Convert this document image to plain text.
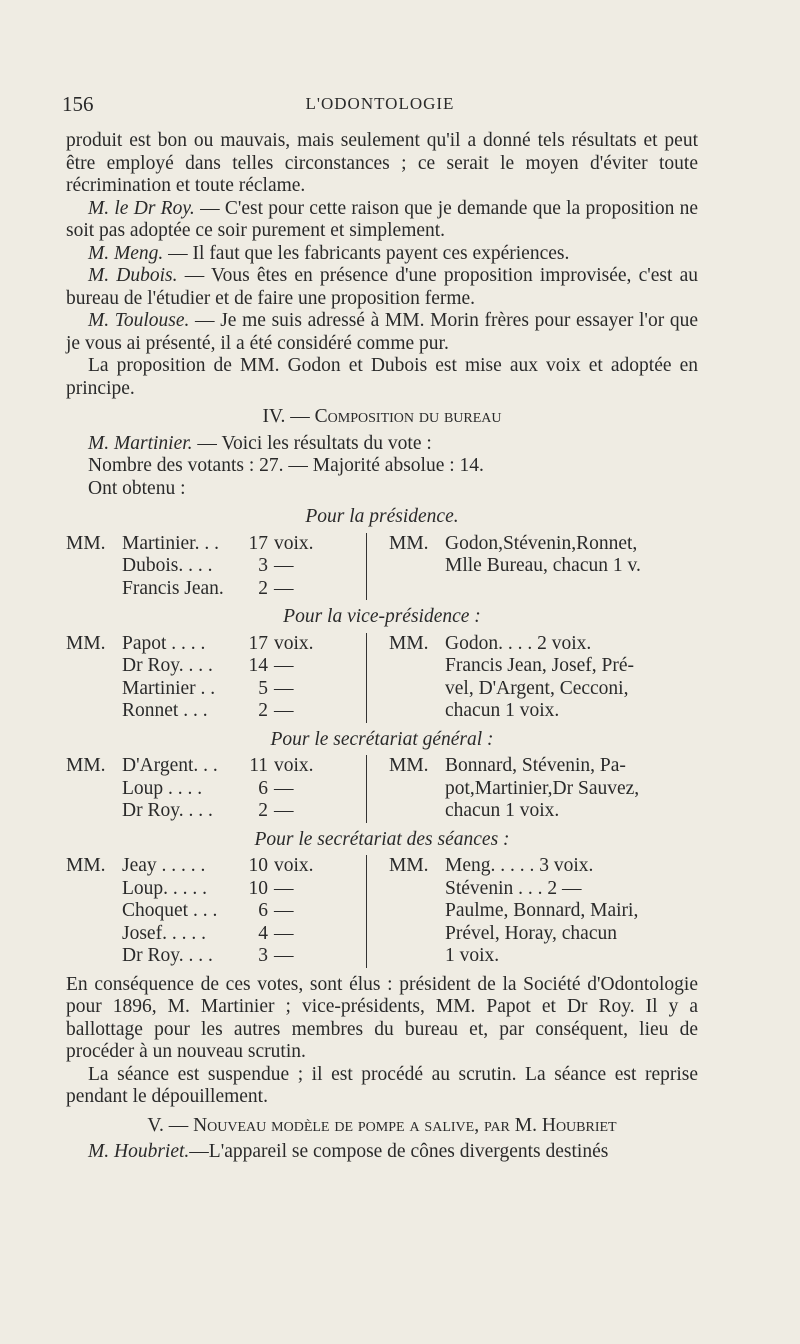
156	L'ODONTOLOGIE

produit est bon ou mauvais, mais seulement qu'il a donné tels résultats et peut être employé dans telles circonstances ; ce serait le moyen d'éviter toute récrimination et toute réclame.

M. le Dr Roy. — C'est pour cette raison que je demande que la proposition ne soit pas adoptée ce soir purement et simplement.

M. Meng. — Il faut que les fabricants payent ces expériences.

M. Dubois. — Vous êtes en présence d'une proposition improvisée, c'est au bureau de l'étudier et de faire une proposition ferme.

M. Toulouse. — Je me suis adressé à MM. Morin frères pour essayer l'or que je vous ai présenté, il a été considéré comme pur.

La proposition de MM. Godon et Dubois est mise aux voix et adoptée en principe.

IV. — Composition du bureau

M. Martinier. — Voici les résultats du vote :

Nombre des votants : 27. — Majorité absolue : 14.

Ont obtenu :

Pour la présidence.

MM.	Martinier. . .	17	voix.	MM.	Godon,Stévenin,Ronnet,
	Dubois. . . .	3	—		Mlle Bureau, chacun 1 v.
	Francis Jean.	2	—		

Pour la vice-présidence :

MM.	Papot . . . .	17	voix.	MM.	Godon. . . . 2 voix.
	Dr Roy. . . .	14	—		Francis Jean, Josef, Pré-
	Martinier . .	5	—		vel, D'Argent, Cecconi,
	Ronnet . . .	2	—		chacun 1 voix.

Pour le secrétariat général :

MM.	D'Argent. . .	11	voix.	MM.	Bonnard, Stévenin, Pa-
	Loup . . . .	6	—		pot,Martinier,Dr Sauvez,
	Dr Roy. . . .	2	—		chacun 1 voix.

Pour le secrétariat des séances :

MM.	Jeay . . . . .	10	voix.	MM.	Meng. . . . . 3 voix.
	Loup. . . . .	10	—		Stévenin . . . 2 —
	Choquet . . .	6	—		Paulme, Bonnard, Mairi,
	Josef. . . . .	4	—		Prével, Horay, chacun
	Dr Roy. . . .	3	—		1 voix.

En conséquence de ces votes, sont élus : président de la Société d'Odontologie pour 1896, M. Martinier ; vice-présidents, MM. Papot et Dr Roy. Il y a ballottage pour les autres membres du bureau et, par conséquent, lieu de procéder à un nouveau scrutin.

La séance est suspendue ; il est procédé au scrutin. La séance est reprise pendant le dépouillement.

V. — Nouveau modèle de pompe a salive, par M. Houbriet

M. Houbriet.—L'appareil se compose de cônes divergents destinés
